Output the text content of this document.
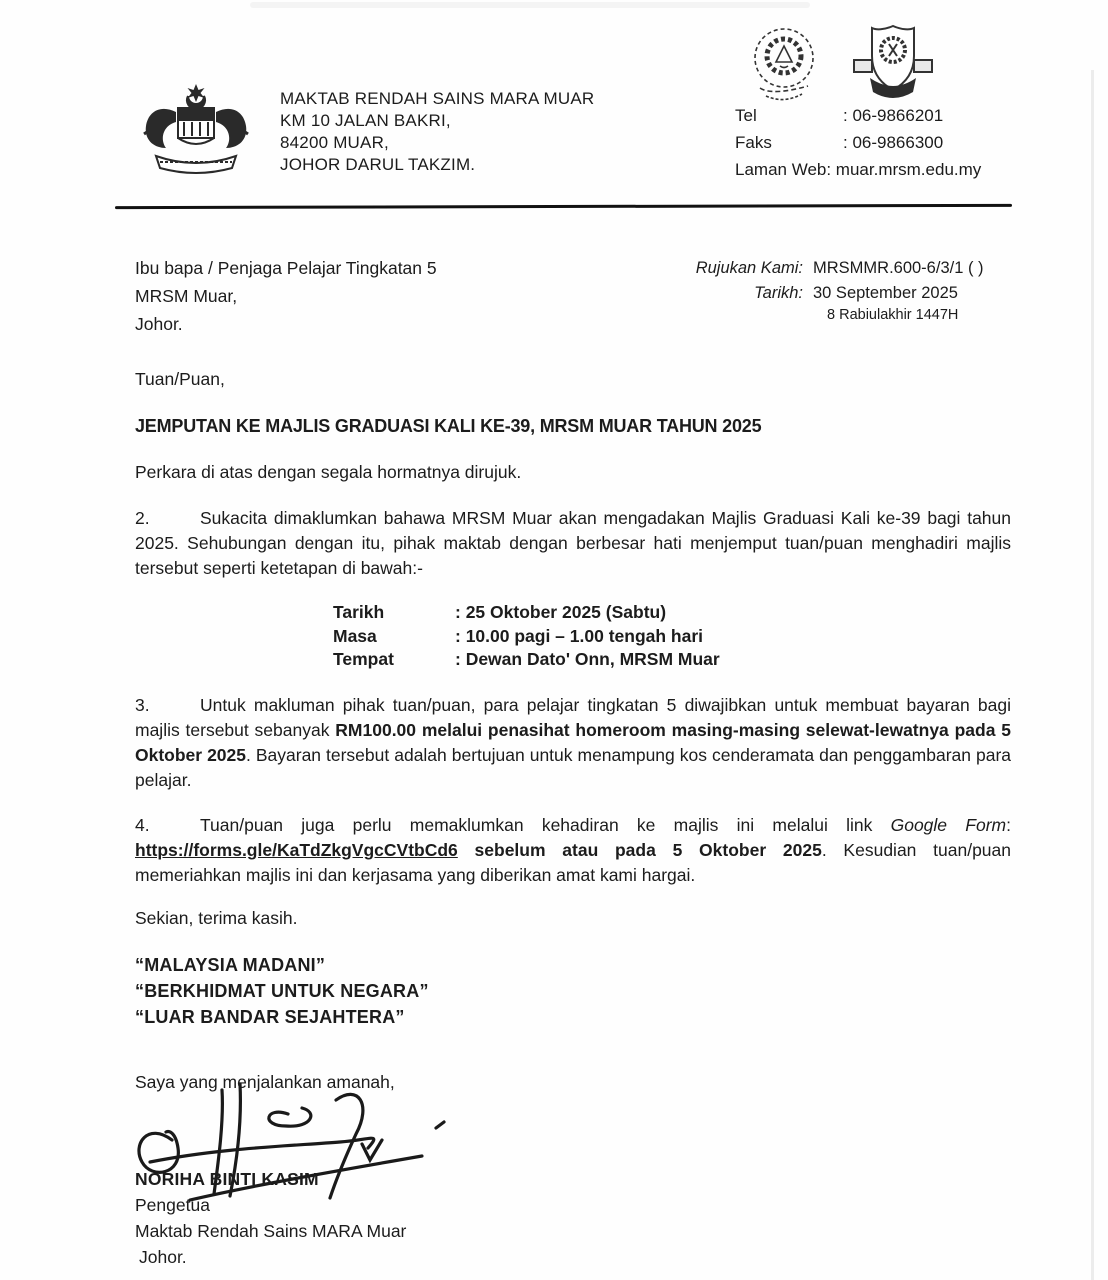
MAKTAB RENDAH SAINS MARA MUAR
KM 10 JALAN BAKRI,
84200 MUAR,
JOHOR DARUL TAKZIM.
Tel	: 06-9866201
Faks	: 06-9866300
Laman Web: muar.mrsm.edu.my
Ibu bapa / Penjaga Pelajar Tingkatan 5
MRSM Muar,
Johor.
Rujukan Kami: MRSMMR.600-6/3/1 ( )
Tarikh: 30 September 2025
8 Rabiulakhir 1447H
Tuan/Puan,
JEMPUTAN KE MAJLIS GRADUASI KALI KE-39, MRSM MUAR TAHUN 2025
Perkara di atas dengan segala hormatnya dirujuk.

2.	Sukacita dimaklumkan bahawa MRSM Muar akan mengadakan Majlis Graduasi Kali ke-39 bagi tahun 2025. Sehubungan dengan itu, pihak maktab dengan berbesar hati menjemput tuan/puan menghadiri majlis tersebut seperti ketetapan di bawah:-

Tarikh	: 25 Oktober 2025 (Sabtu)
Masa	: 10.00 pagi – 1.00 tengah hari
Tempat	: Dewan Dato' Onn, MRSM Muar

3.	Untuk makluman pihak tuan/puan, para pelajar tingkatan 5 diwajibkan untuk membuat bayaran bagi majlis tersebut sebanyak RM100.00 melalui penasihat homeroom masing-masing selewat-lewatnya pada 5 Oktober 2025. Bayaran tersebut adalah bertujuan untuk menampung kos cenderamata dan penggambaran para pelajar.

4.	Tuan/puan juga perlu memaklumkan kehadiran ke majlis ini melalui link Google Form: https://forms.gle/KaTdZkgVgcCVtbCd6 sebelum atau pada 5 Oktober 2025. Kesudian tuan/puan memeriahkan majlis ini dan kerjasama yang diberikan amat kami hargai.

Sekian, terima kasih.
“MALAYSIA MADANI”
“BERKHIDMAT UNTUK NEGARA”
“LUAR BANDAR SEJAHTERA”
Saya yang menjalankan amanah,
NORIHA BINTI KASIM
Pengetua
Maktab Rendah Sains MARA Muar
Johor.
